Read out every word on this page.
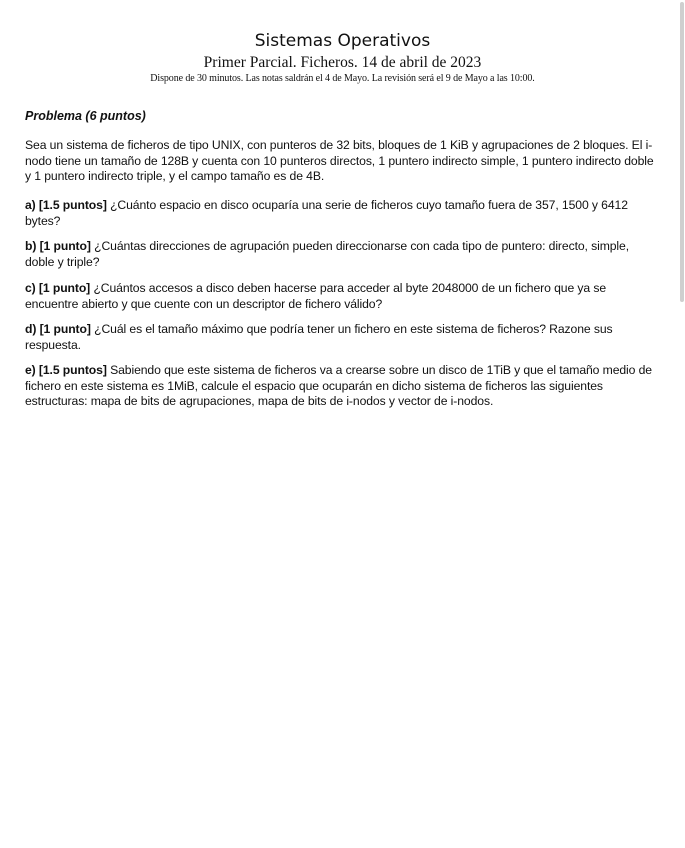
Sistemas Operativos
Primer Parcial. Ficheros. 14 de abril de 2023
Dispone de 30 minutos. Las notas saldrán el 4 de Mayo. La revisión será el 9 de Mayo a las 10:00.
Problema (6 puntos)
Sea un sistema de ficheros de tipo UNIX, con punteros de 32 bits, bloques de 1 KiB y agrupaciones de 2 bloques. El i-nodo tiene un tamaño de 128B y cuenta con 10 punteros directos, 1 puntero indirecto simple, 1 puntero indirecto doble y 1 puntero indirecto triple, y el campo tamaño es de 4B.
a) [1.5 puntos] ¿Cuánto espacio en disco ocuparía una serie de ficheros cuyo tamaño fuera de 357, 1500 y 6412 bytes?
b) [1 punto] ¿Cuántas direcciones de agrupación pueden direccionarse con cada tipo de puntero: directo, simple, doble y triple?
c) [1 punto] ¿Cuántos accesos a disco deben hacerse para acceder al byte 2048000 de un fichero que ya se encuentre abierto y que cuente con un descriptor de fichero válido?
d) [1 punto] ¿Cuál es el tamaño máximo que podría tener un fichero en este sistema de ficheros? Razone sus respuesta.
e) [1.5 puntos] Sabiendo que este sistema de ficheros va a crearse sobre un disco de 1TiB y que el tamaño medio de fichero en este sistema es 1MiB, calcule el espacio que ocuparán en dicho sistema de ficheros las siguientes estructuras: mapa de bits de agrupaciones, mapa de bits de i-nodos y vector de i-nodos.
